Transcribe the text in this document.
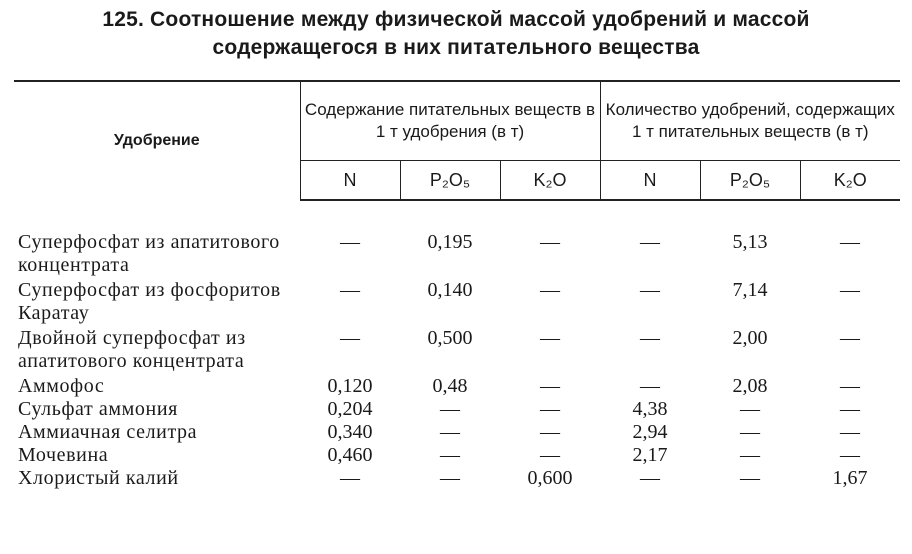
125. Соотношение между физической массой удобрений и массой
содержащегося в них питательного вещества
Удобрение	Содержание питательных веществ в 1 т удобрения (в т)			Количество удобрений, содержащих 1 т питательных веществ (в т)		
	N	P₂O₅	K₂O	N	P₂O₅	K₂O

Суперфосфат из апатитового концентрата	—	0,195	—	—	5,13	—
Суперфосфат из фосфоритов Каратау	—	0,140	—	—	7,14	—
Двойной суперфосфат из апатитового концентрата	—	0,500	—	—	2,00	—
Аммофос	0,120	0,48	—	—	2,08	—
Сульфат аммония	0,204	—	—	4,38	—	—
Аммиачная селитра	0,340	—	—	2,94	—	—
Мочевина	0,460	—	—	2,17	—	—
Хлористый калий	—	—	0,600	—	—	1,67
